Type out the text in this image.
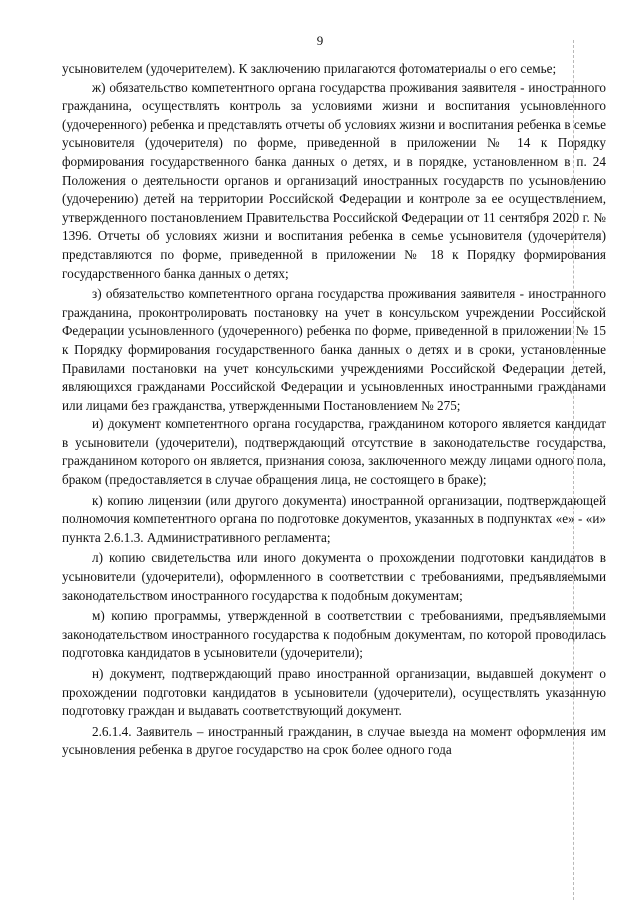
9

усыновителем (удочерителем). К заключению прилагаются фотоматериалы о его семье;

ж) обязательство компетентного органа государства проживания заявителя - иностранного гражданина, осуществлять контроль за условиями жизни и воспитания усыновленного (удочеренного) ребенка и представлять отчеты об условиях жизни и воспитания ребенка в семье усыновителя (удочерителя) по форме, приведенной в приложении № 14 к Порядку формирования государственного банка данных о детях, и в порядке, установленном в п. 24 Положения о деятельности органов и организаций иностранных государств по усыновлению (удочерению) детей на территории Российской Федерации и контроле за ее осуществлением, утвержденного постановлением Правительства Российской Федерации от 11 сентября 2020 г. № 1396. Отчеты об условиях жизни и воспитания ребенка в семье усыновителя (удочерителя) представляются по форме, приведенной в приложении № 18 к Порядку формирования государственного банка данных о детях;

з) обязательство компетентного органа государства проживания заявителя - иностранного гражданина, проконтролировать постановку на учет в консульском учреждении Российской Федерации усыновленного (удочеренного) ребенка по форме, приведенной в приложении № 15 к Порядку формирования государственного банка данных о детях и в сроки, установленные Правилами постановки на учет консульскими учреждениями Российской Федерации детей, являющихся гражданами Российской Федерации и усыновленных иностранными гражданами или лицами без гражданства, утвержденными Постановлением № 275;

и) документ компетентного органа государства, гражданином которого является кандидат в усыновители (удочерители), подтверждающий отсутствие в законодательстве государства, гражданином которого он является, признания союза, заключенного между лицами одного пола, браком (предоставляется в случае обращения лица, не состоящего в браке);

к) копию лицензии (или другого документа) иностранной организации, подтверждающей полномочия компетентного органа по подготовке документов, указанных в подпунктах «е» - «и» пункта 2.6.1.3. Административного регламента;

л) копию свидетельства или иного документа о прохождении подготовки кандидатов в усыновители (удочерители), оформленного в соответствии с требованиями, предъявляемыми законодательством иностранного государства к подобным документам;

м) копию программы, утвержденной в соответствии с требованиями, предъявляемыми законодательством иностранного государства к подобным документам, по которой проводилась подготовка кандидатов в усыновители (удочерители);

н) документ, подтверждающий право иностранной организации, выдавшей документ о прохождении подготовки кандидатов в усыновители (удочерители), осуществлять указанную подготовку граждан и выдавать соответствующий документ.

2.6.1.4. Заявитель – иностранный гражданин, в случае выезда на момент оформления им усыновления ребенка в другое государство на срок более одного года
